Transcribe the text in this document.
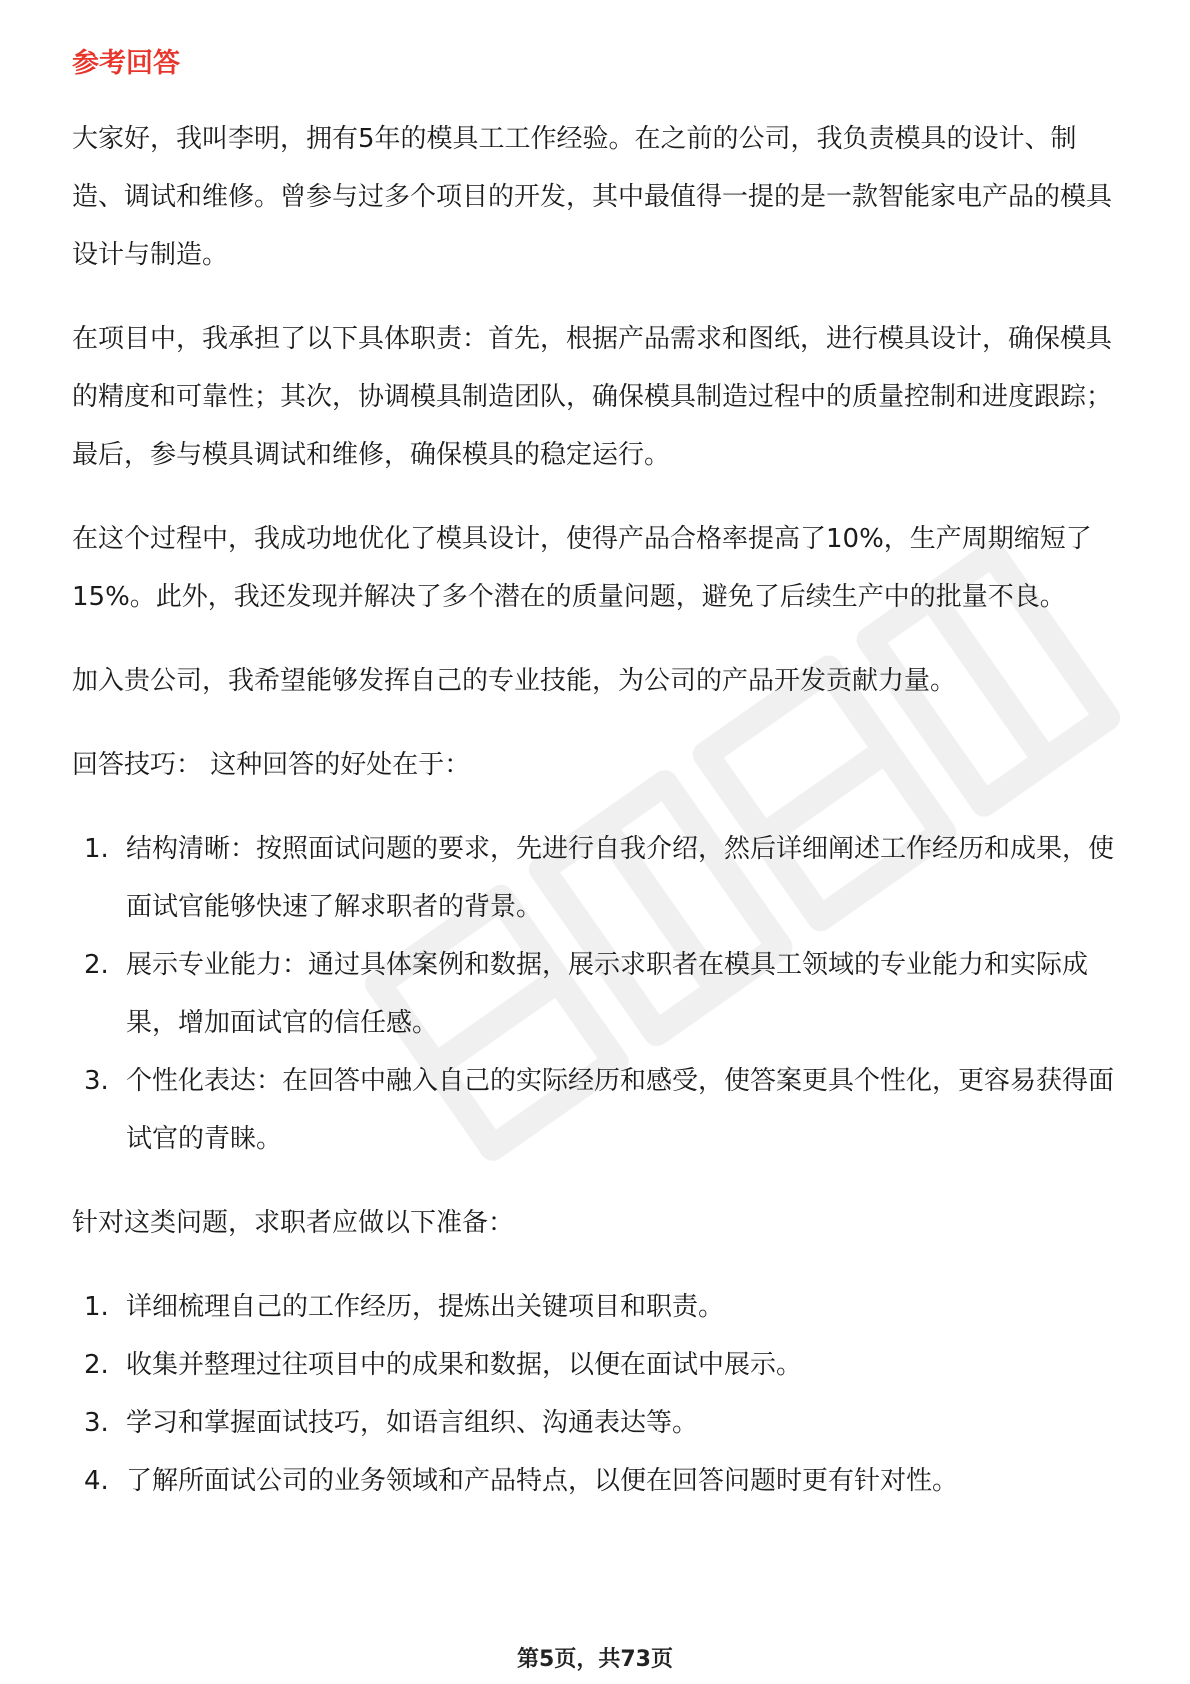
参考回答

大家好，我叫李明，拥有5年的模具工工作经验。在之前的公司，我负责模具的设计、制造、调试和维修。曾参与过多个项目的开发，其中最值得一提的是一款智能家电产品的模具设计与制造。

在项目中，我承担了以下具体职责：首先，根据产品需求和图纸，进行模具设计，确保模具的精度和可靠性；其次，协调模具制造团队，确保模具制造过程中的质量控制和进度跟踪；最后，参与模具调试和维修，确保模具的稳定运行。

在这个过程中，我成功地优化了模具设计，使得产品合格率提高了10%，生产周期缩短了15%。此外，我还发现并解决了多个潜在的质量问题，避免了后续生产中的批量不良。

加入贵公司，我希望能够发挥自己的专业技能，为公司的产品开发贡献力量。

回答技巧： 这种回答的好处在于：

1. 结构清晰：按照面试问题的要求，先进行自我介绍，然后详细阐述工作经历和成果，使面试官能够快速了解求职者的背景。
2. 展示专业能力：通过具体案例和数据，展示求职者在模具工领域的专业能力和实际成果，增加面试官的信任感。
3. 个性化表达：在回答中融入自己的实际经历和感受，使答案更具个性化，更容易获得面试官的青睐。

针对这类问题，求职者应做以下准备：

1. 详细梳理自己的工作经历，提炼出关键项目和职责。
2. 收集并整理过往项目中的成果和数据，以便在面试中展示。
3. 学习和掌握面试技巧，如语言组织、沟通表达等。
4. 了解所面试公司的业务领域和产品特点，以便在回答问题时更有针对性。
第5页，共73页
